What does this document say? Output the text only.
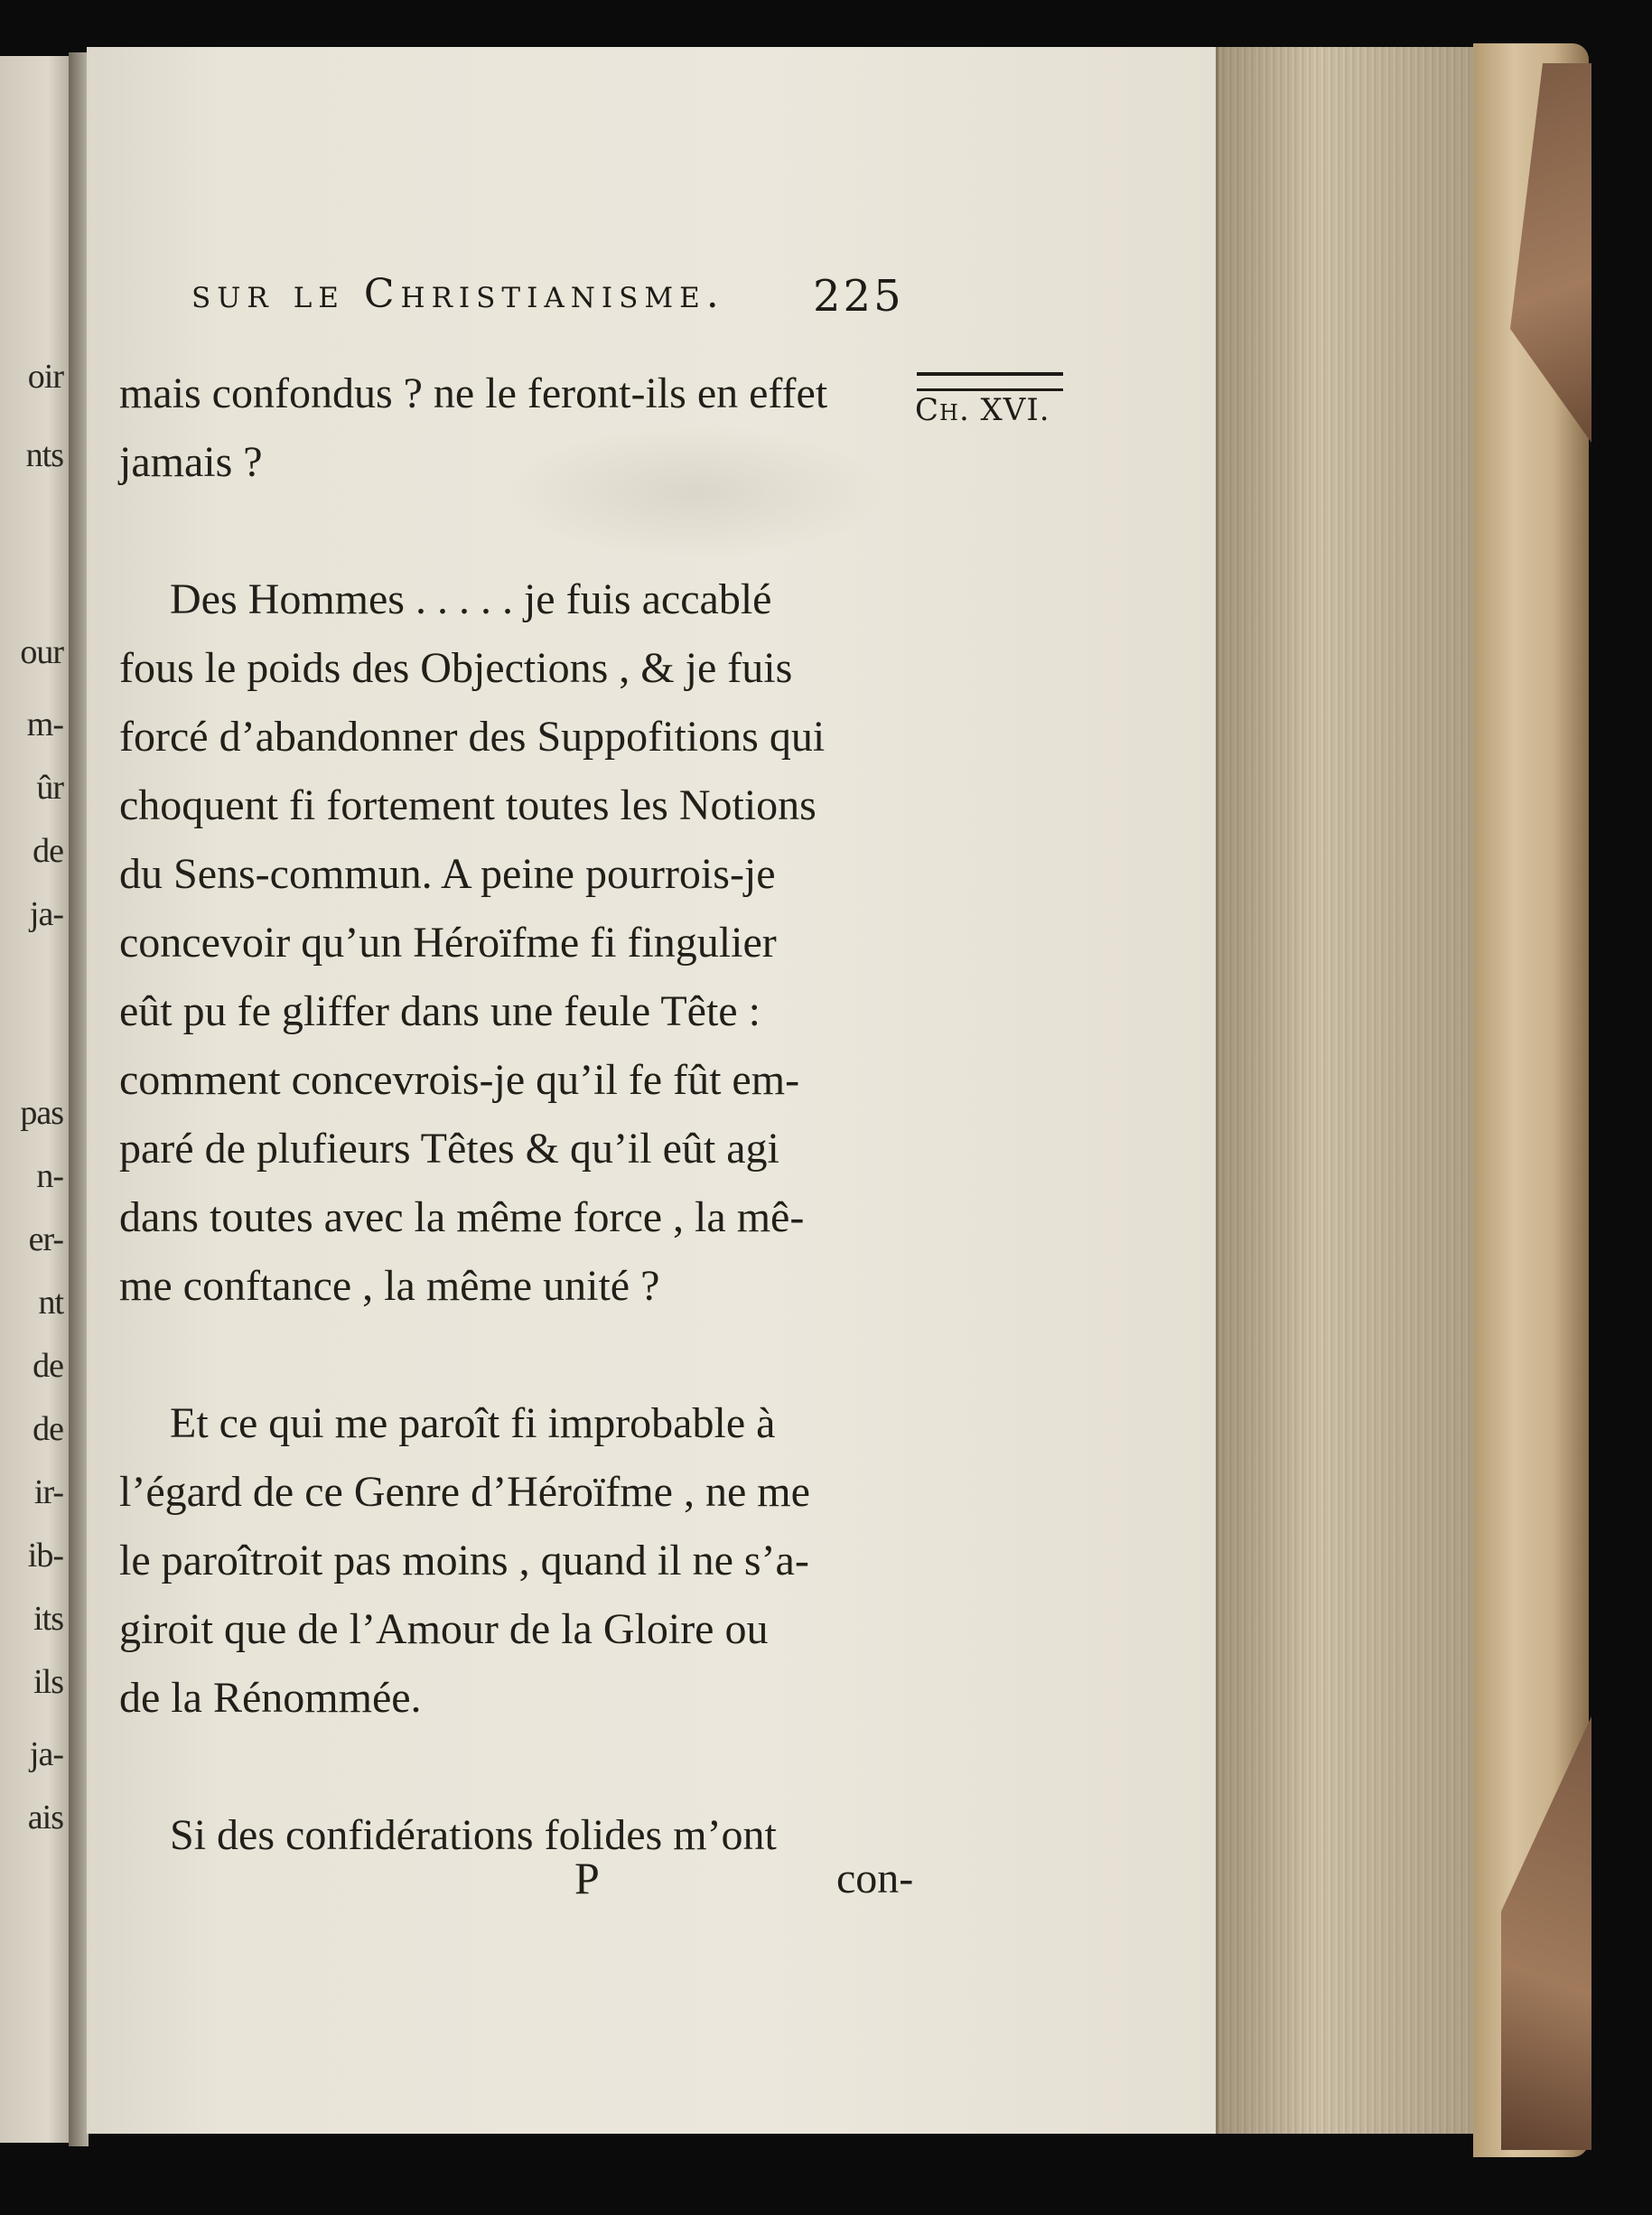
oir
nts
our
m-
ûr
de
ja-
pas
n-
er-
nt
de
de
ir-
ib-
its
ils
ja-
ais
sur le Christianisme.	225
Ch. XVI.
mais confondus ? ne le feront-ils en effet
jamais ?
Des Hommes . . . . . je fuis accablé
fous le poids des Objections , & je fuis
forcé d’abandonner des Suppofitions qui
choquent fi fortement toutes les Notions
du Sens-commun. A peine pourrois-je
concevoir qu’un Héroïfme fi fingulier
eût pu fe gliffer dans une feule Tête :
comment concevrois-je qu’il fe fût em-
paré de plufieurs Têtes & qu’il eût agi
dans toutes avec la même force , la mê-
me conftance , la même unité ?
Et ce qui me paroît fi improbable à
l’égard de ce Genre d’Héroïfme , ne me
le paroîtroit pas moins , quand il ne s’a-
giroit que de l’Amour de la Gloire ou
de la Rénommée.
Si des confidérations folides m’ont
P	con-
